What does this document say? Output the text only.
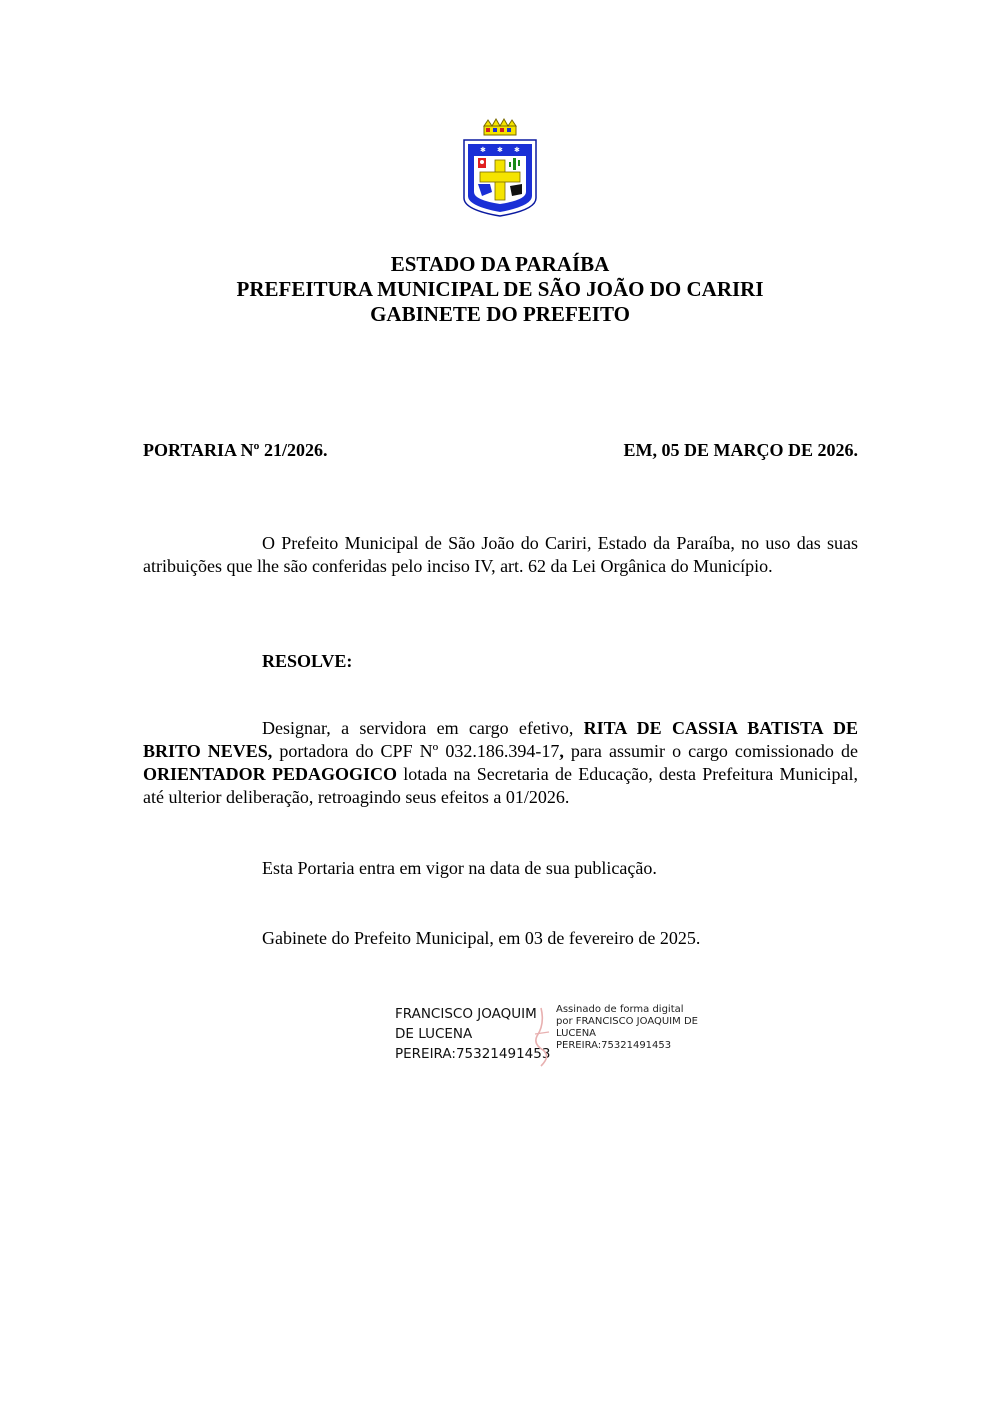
✱ ✱ ✱
ESTADO DA PARAÍBA
PREFEITURA MUNICIPAL DE SÃO JOÃO DO CARIRI
GABINETE DO PREFEITO
PORTARIA Nº 21/2026.	EM, 05 DE MARÇO DE 2026.
O Prefeito Municipal de São João do Cariri, Estado da Paraíba, no uso das suas atribuições que lhe são conferidas pelo inciso IV, art. 62 da Lei Orgânica do Município.
RESOLVE:
Designar, a servidora em cargo efetivo, RITA DE CASSIA BATISTA DE BRITO NEVES, portadora do CPF Nº 032.186.394-17, para assumir o cargo comissionado de ORIENTADOR PEDAGOGICO lotada na Secretaria de Educação, desta Prefeitura Municipal, até ulterior deliberação, retroagindo seus efeitos a 01/2026.
Esta Portaria entra em vigor na data de sua publicação.
Gabinete do Prefeito Municipal, em 03 de fevereiro de 2025.
FRANCISCO JOAQUIM
DE LUCENA
PEREIRA:75321491453
Assinado de forma digital
por FRANCISCO JOAQUIM DE
LUCENA
PEREIRA:75321491453
